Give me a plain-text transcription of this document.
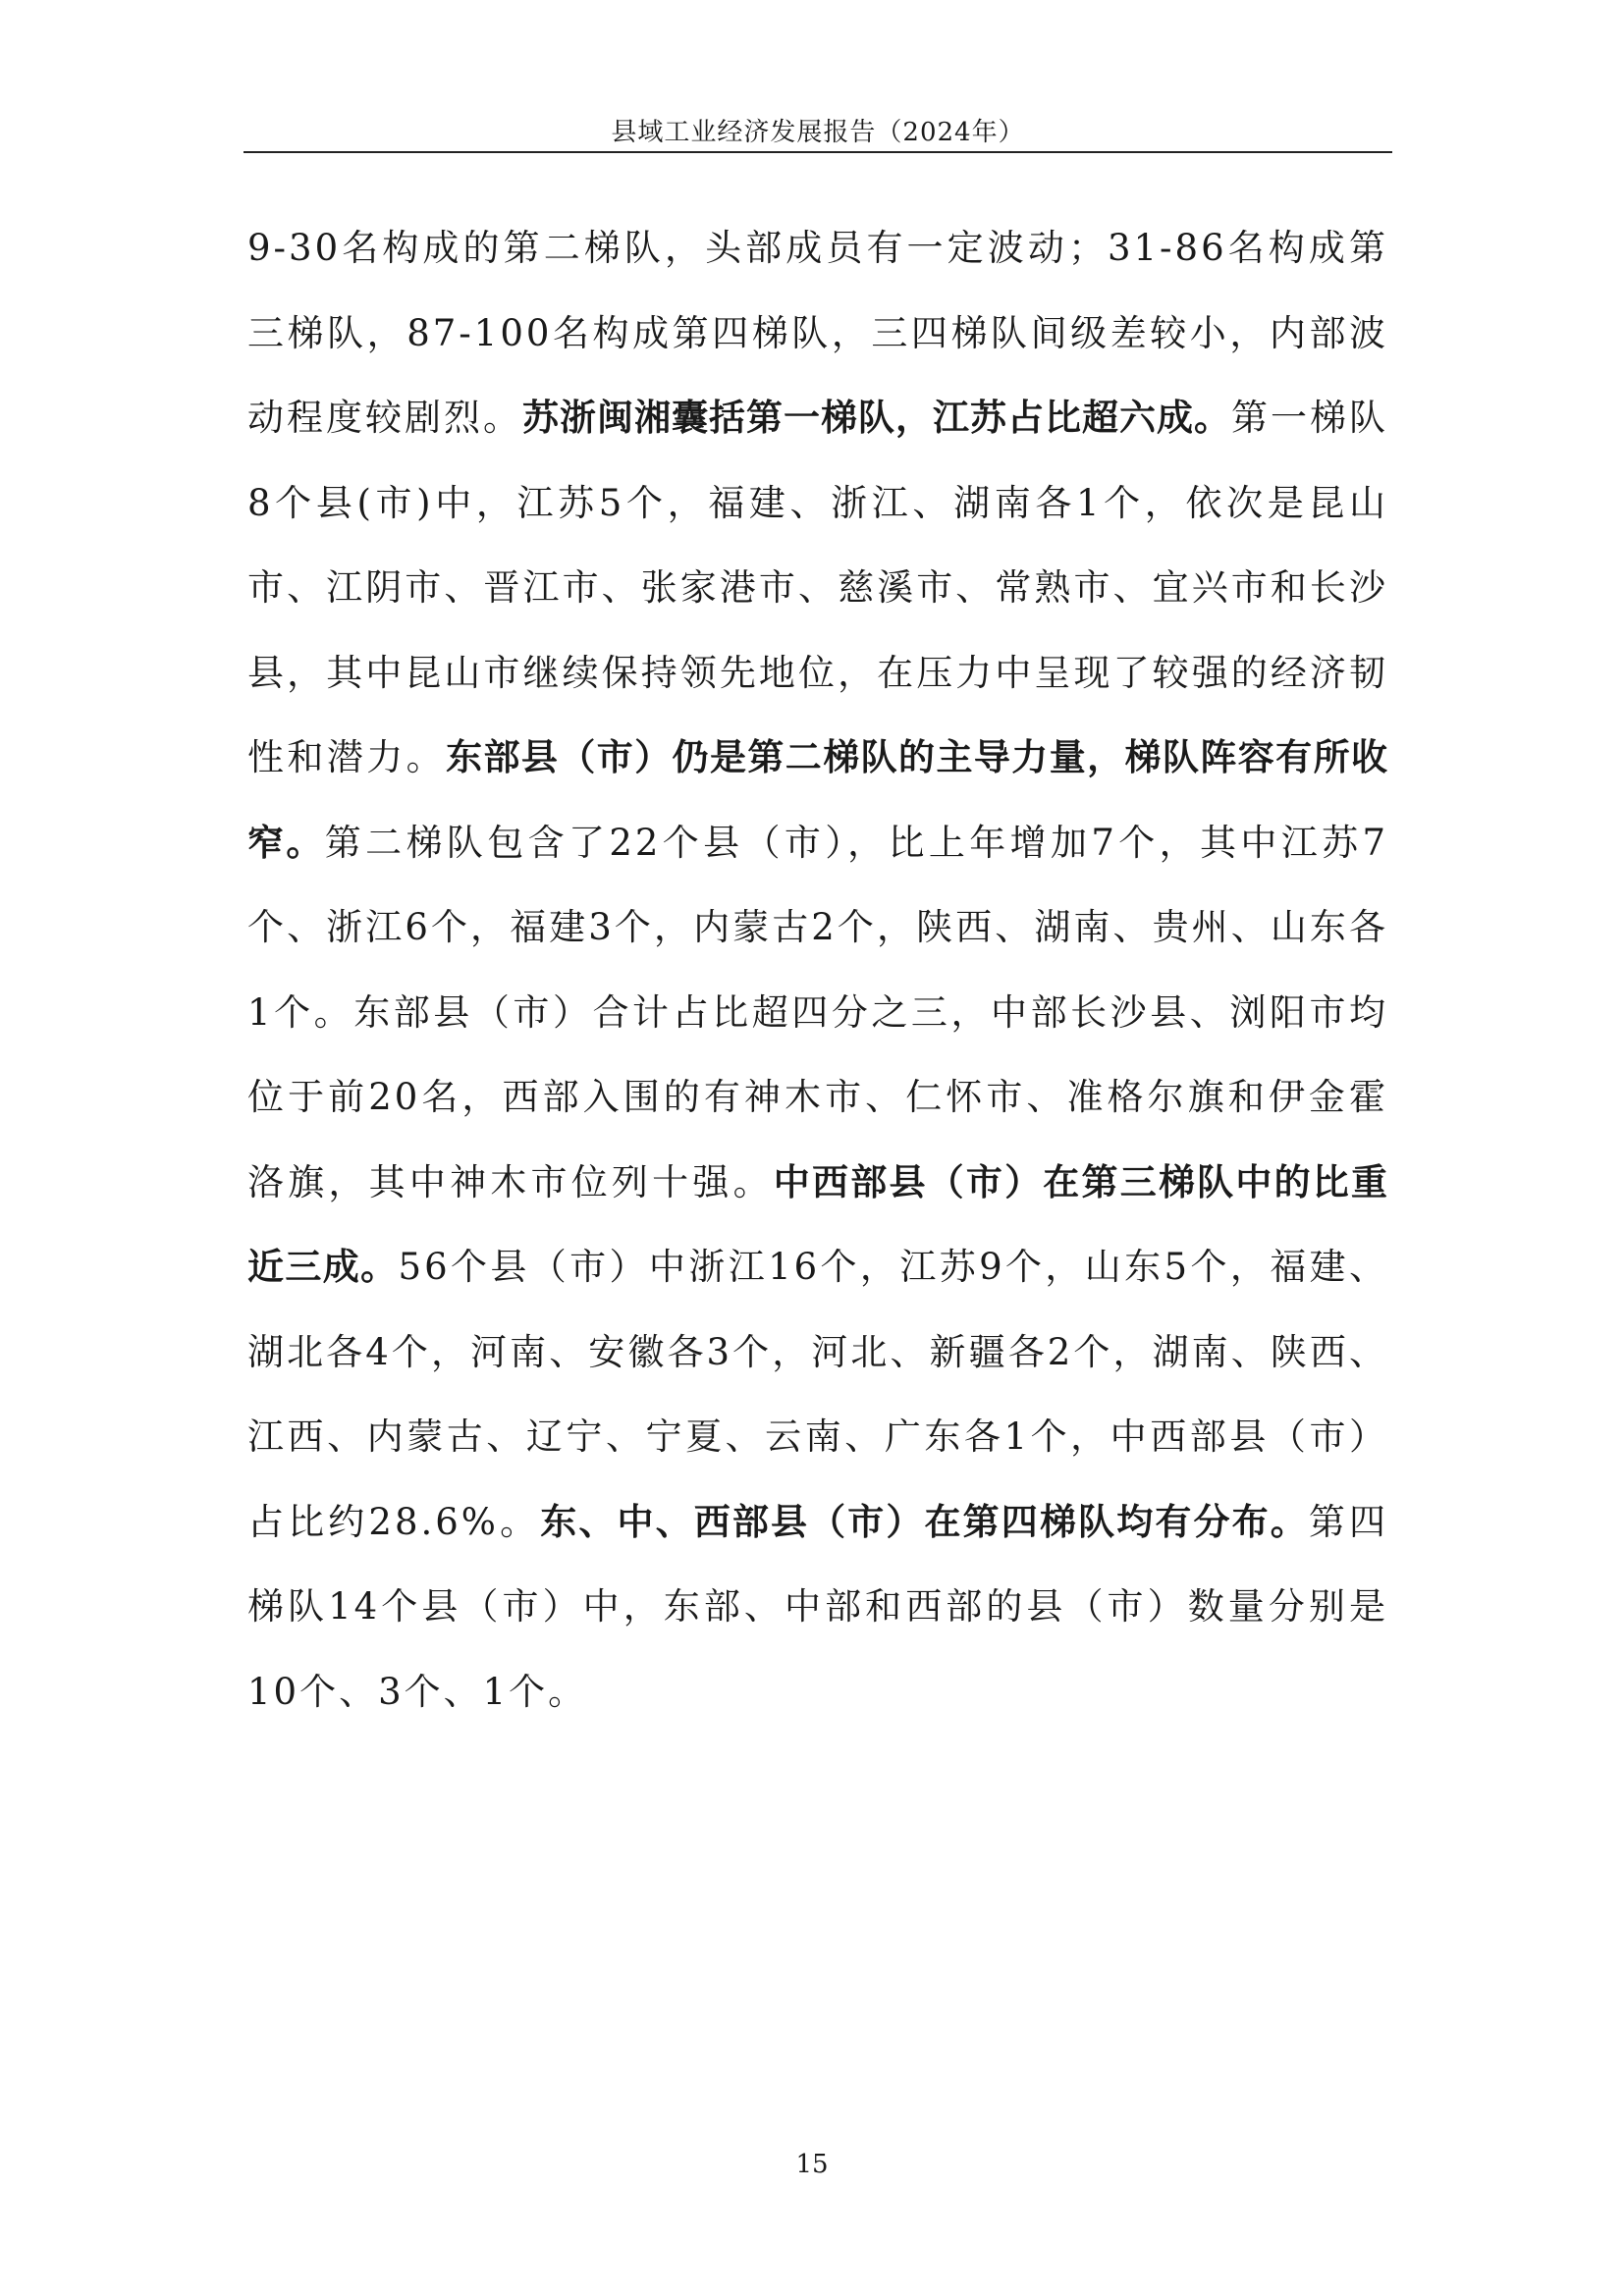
县域工业经济发展报告（2024年）

9-30名构成的第二梯队，头部成员有一定波动；31-86名构成第三梯队，87-100名构成第四梯队，三四梯队间级差较小，内部波动程度较剧烈。苏浙闽湘囊括第一梯队，江苏占比超六成。第一梯队8个县(市)中，江苏5个，福建、浙江、湖南各1个，依次是昆山市、江阴市、晋江市、张家港市、慈溪市、常熟市、宜兴市和长沙县，其中昆山市继续保持领先地位，在压力中呈现了较强的经济韧性和潜力。东部县（市）仍是第二梯队的主导力量，梯队阵容有所收窄。第二梯队包含了22个县（市），比上年增加7个，其中江苏7个、浙江6个，福建3个，内蒙古2个，陕西、湖南、贵州、山东各1个。东部县（市）合计占比超四分之三，中部长沙县、浏阳市均位于前20名，西部入围的有神木市、仁怀市、准格尔旗和伊金霍洛旗，其中神木市位列十强。中西部县（市）在第三梯队中的比重近三成。56个县（市）中浙江16个，江苏9个，山东5个，福建、湖北各4个，河南、安徽各3个，河北、新疆各2个，湖南、陕西、江西、内蒙古、辽宁、宁夏、云南、广东各1个，中西部县（市）占比约28.6%。东、中、西部县（市）在第四梯队均有分布。第四梯队14个县（市）中，东部、中部和西部的县（市）数量分别是10个、3个、1个。

15
